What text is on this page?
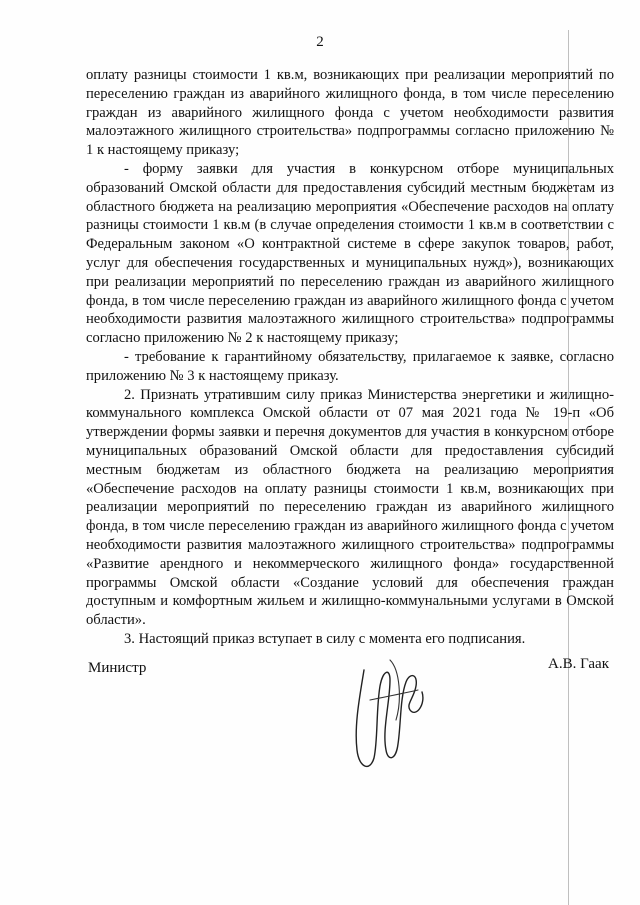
2

оплату разницы стоимости 1 кв.м, возникающих при реализации мероприятий по переселению граждан из аварийного жилищного фонда, в том числе переселению граждан из аварийного жилищного фонда с учетом необходимости развития малоэтажного жилищного строительства» подпрограммы согласно приложению № 1 к настоящему приказу;

- форму заявки для участия в конкурсном отборе муниципальных образований Омской области для предоставления субсидий местным бюджетам из областного бюджета на реализацию мероприятия «Обеспечение расходов на оплату разницы стоимости 1 кв.м (в случае определения стоимости 1 кв.м в соответствии с Федеральным законом «О контрактной системе в сфере закупок товаров, работ, услуг для обеспечения государственных и муниципальных нужд»), возникающих при реализации мероприятий по переселению граждан из аварийного жилищного фонда, в том числе переселению граждан из аварийного жилищного фонда с учетом необходимости развития малоэтажного жилищного строительства» подпрограммы согласно приложению № 2 к настоящему приказу;

- требование к гарантийному обязательству, прилагаемое к заявке, согласно приложению № 3 к настоящему приказу.

2. Признать утратившим силу приказ Министерства энергетики и жилищно-коммунального комплекса Омской области от 07 мая 2021 года № 19-п «Об утверждении формы заявки и перечня документов для участия в конкурсном отборе муниципальных образований Омской области для предоставления субсидий местным бюджетам из областного бюджета на реализацию мероприятия «Обеспечение расходов на оплату разницы стоимости 1 кв.м, возникающих при реализации мероприятий по переселению граждан из аварийного жилищного фонда, в том числе переселению граждан из аварийного жилищного фонда с учетом необходимости развития малоэтажного жилищного строительства» подпрограммы «Развитие арендного и некоммерческого жилищного фонда» государственной программы Омской области «Создание условий для обеспечения граждан доступным и комфортным жильем и жилищно-коммунальными услугами в Омской области».

3. Настоящий приказ вступает в силу с момента его подписания.

Министр	А.В. Гаак
